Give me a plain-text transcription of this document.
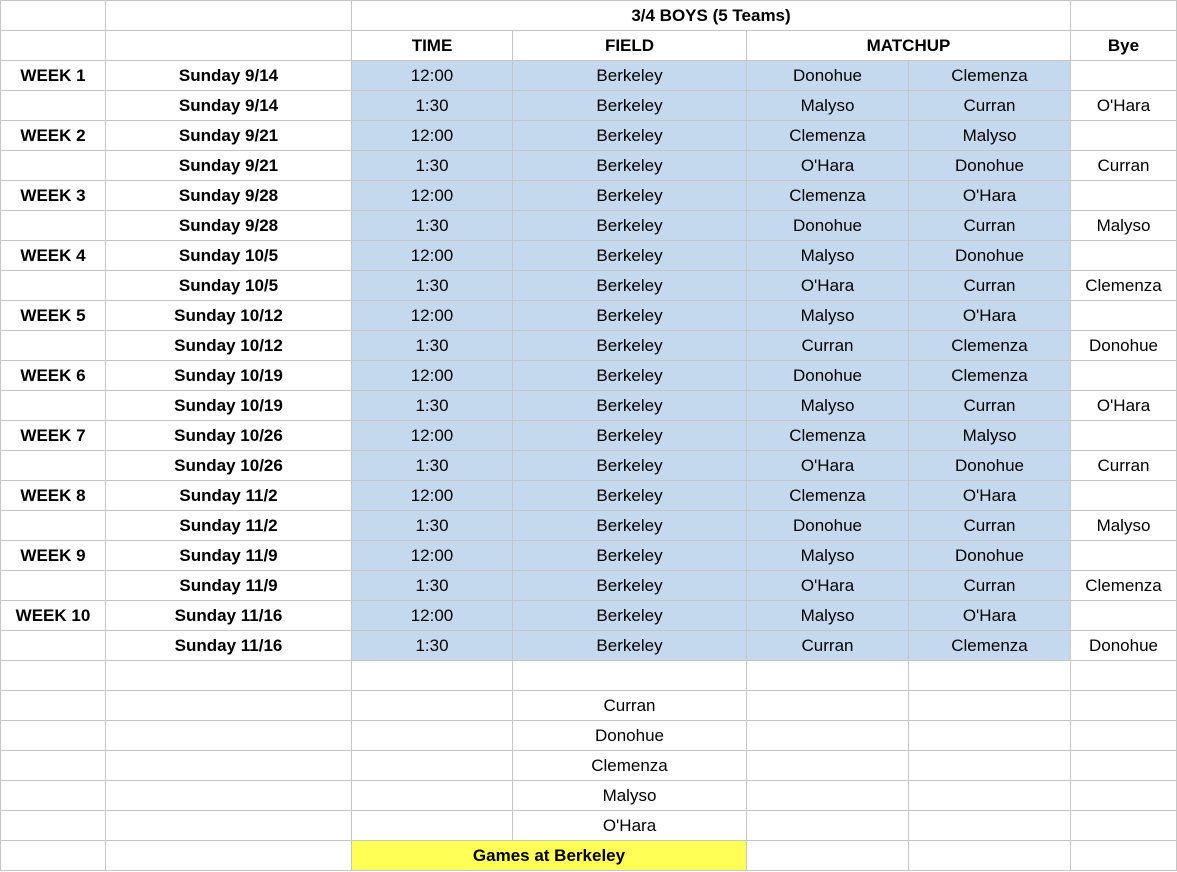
		3/4 BOYS (5 Teams)				
		TIME	FIELD	MATCHUP		Bye
WEEK 1	Sunday 9/14	12:00	Berkeley	Donohue	Clemenza	
	Sunday 9/14	1:30	Berkeley	Malyso	Curran	O'Hara
WEEK 2	Sunday 9/21	12:00	Berkeley	Clemenza	Malyso	
	Sunday 9/21	1:30	Berkeley	O'Hara	Donohue	Curran
WEEK 3	Sunday 9/28	12:00	Berkeley	Clemenza	O'Hara	
	Sunday 9/28	1:30	Berkeley	Donohue	Curran	Malyso
WEEK 4	Sunday 10/5	12:00	Berkeley	Malyso	Donohue	
	Sunday 10/5	1:30	Berkeley	O'Hara	Curran	Clemenza
WEEK 5	Sunday 10/12	12:00	Berkeley	Malyso	O'Hara	
	Sunday 10/12	1:30	Berkeley	Curran	Clemenza	Donohue
WEEK 6	Sunday 10/19	12:00	Berkeley	Donohue	Clemenza	
	Sunday 10/19	1:30	Berkeley	Malyso	Curran	O'Hara
WEEK 7	Sunday 10/26	12:00	Berkeley	Clemenza	Malyso	
	Sunday 10/26	1:30	Berkeley	O'Hara	Donohue	Curran
WEEK 8	Sunday 11/2	12:00	Berkeley	Clemenza	O'Hara	
	Sunday 11/2	1:30	Berkeley	Donohue	Curran	Malyso
WEEK 9	Sunday 11/9	12:00	Berkeley	Malyso	Donohue	
	Sunday 11/9	1:30	Berkeley	O'Hara	Curran	Clemenza
WEEK 10	Sunday 11/16	12:00	Berkeley	Malyso	O'Hara	
	Sunday 11/16	1:30	Berkeley	Curran	Clemenza	Donohue

			Curran			
			Donohue			
			Clemenza			
			Malyso			
			O'Hara			
		Games at Berkeley				
